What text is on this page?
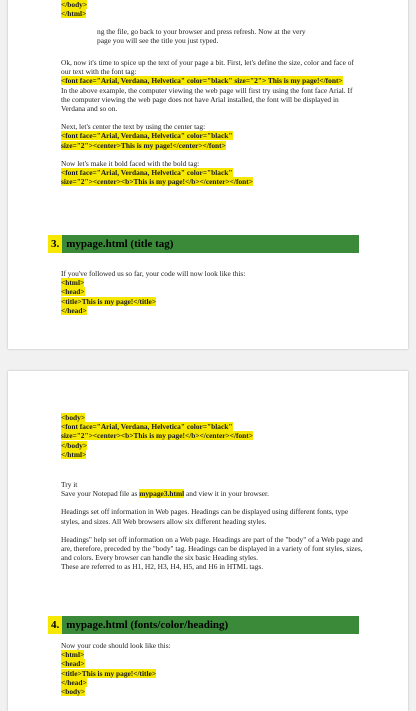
</body>
</html>

ng the file, go back to your browser and press refresh. Now at the very

page you will see the title you just typed.

Ok, now it's time to spice up the text of your page a bit. First, let's define the size, color and face of our text with the font tag:

<font face="Arial, Verdana, Helvetica" color="black" size="2"> This is my page!</font>

In the above example, the computer viewing the web page will first try using the font face Arial. If the computer viewing the web page does not have Arial installed, the font will be displayed in Verdana and so on.

Next, let's center the text by using the center tag:

<font face="Arial, Verdana, Helvetica" color="black"
size="2"><center>This is my page!</center></font>

Now let's make it bold faced with the bold tag:

<font face="Arial, Verdana, Helvetica" color="black"
size="2"><center><b>This is my page!</b></center></font>
3. mypage.html (title tag)

If you've followed us so far, your code will now look like this:

<html>
<head>
<title>This is my page!</title>
</head>
<body>
<font face="Arial, Verdana, Helvetica" color="black"
size="2"><center><b>This is my page!</b></center></font>
</body>
</html>

Try it

Save your Notepad file as mypage3.html and view it in your browser.

Headings set off information in Web pages. Headings can be displayed using different fonts, type styles, and sizes. All Web browsers allow six different heading styles.

Headings" help set off information on a Web page. Headings are part of the "body" of a Web page and are, therefore, preceded by the "body" tag. Headings can be displayed in a variety of font styles, sizes, and colors. Every browser can handle the six basic Heading styles.

These are referred to as H1, H2, H3, H4, H5, and H6 in HTML tags.

4. mypage.html (fonts/color/heading)

Now your code should look like this:

<html>
<head>
<title>This is my page!</title>
</head>
<body>
